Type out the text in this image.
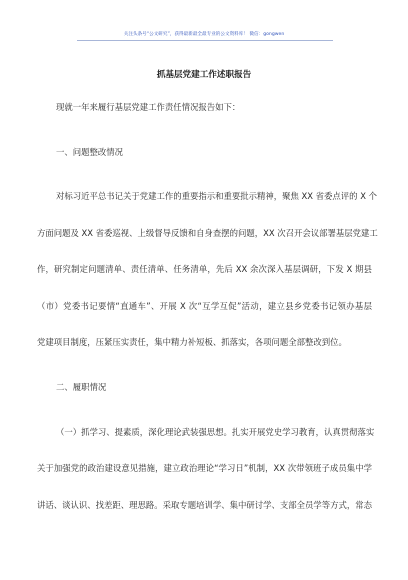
关注头条号“公文研究”，获得最新最全最专业的公文资料库！ 微信：gongwen
抓基层党建工作述职报告
现就一年来履行基层党建工作责任情况报告如下：
一、问题整改情况
对标习近平总书记关于党建工作的重要指示和重要批示精神，聚焦 XX 省委点评的 X 个
方面问题及 XX 省委巡视、上级督导反馈和自身查摆的问题，XX 次召开会议部署基层党建工
作，研究制定问题清单、责任清单、任务清单，先后 XX 余次深入基层调研，下发 X 期县
（市）党委书记要情“直通车”、开展 X 次“互学互促”活动，建立县乡党委书记领办基层
党建项目制度，压紧压实责任，集中精力补短板、抓落实，各项问题全部整改到位。
二、履职情况
（一）抓学习、提素质，深化理论武装强思想。扎实开展党史学习教育，认真贯彻落实
关于加强党的政治建设意见措施，建立政治理论“学习日”机制，XX 次带领班子成员集中学
讲话、谈认识、找差距、理思路。采取专题培训学、集中研讨学、支部全员学等方式，常态
